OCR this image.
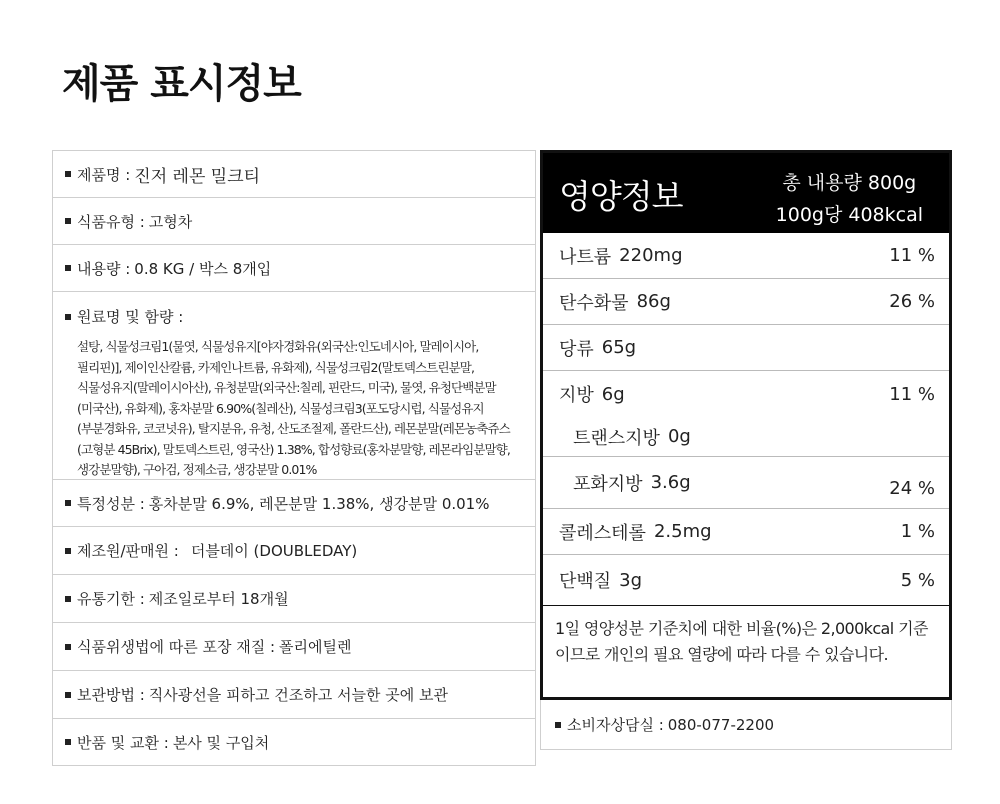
제품 표시정보
제품명 : 진저 레몬 밀크티
식품유형 : 고형차
내용량 : 0.8 KG / 박스 8개입
원료명 및 함량 :
설탕, 식물성크림1(물엿, 식물성유지[야자경화유(외국산:인도네시아, 말레이시아, 필리핀)], 제이인산칼륨, 카제인나트륨, 유화제), 식물성크림2(말토덱스트린분말, 식물성유지(말레이시아산), 유청분말(외국산:칠레, 핀란드, 미국), 물엿, 유청단백분말(미국산), 유화제), 홍차분말 6.90%(칠레산), 식물성크림3(포도당시럽, 식물성유지(부분경화유, 코코넛유), 탈지분유, 유청, 산도조절제, 폴란드산), 레몬분말(레몬농축쥬스(고형분 45Brix), 말토덱스트린, 영국산) 1.38%, 합성향료(홍차분말향, 레몬라임분말향, 생강분말향), 구아검, 정제소금, 생강분말 0.01%
특정성분 : 홍차분말 6.9%, 레몬분말 1.38%, 생강분말 0.01%
제조원/판매원 : 더블데이 (DOUBLEDAY)
유통기한 : 제조일로부터 18개월
식품위생법에 따른 포장 재질 : 폴리에틸렌
보관방법 : 직사광선을 피하고 건조하고 서늘한 곳에 보관
반품 및 교환 : 본사 및 구입처
영양정보	총 내용량 800g
100g당 408kcal
나트륨 220mg	11 %
탄수화물 86g	26 %
당류 65g
지방 6g	11 %
트랜스지방 0g
포화지방 3.6g	24 %
콜레스테롤 2.5mg	1 %
단백질 3g	5 %
1일 영양성분 기준치에 대한 비율(%)은 2,000kcal 기준이므로 개인의 필요 열량에 따라 다를 수 있습니다.
소비자상담실 : 080-077-2200
